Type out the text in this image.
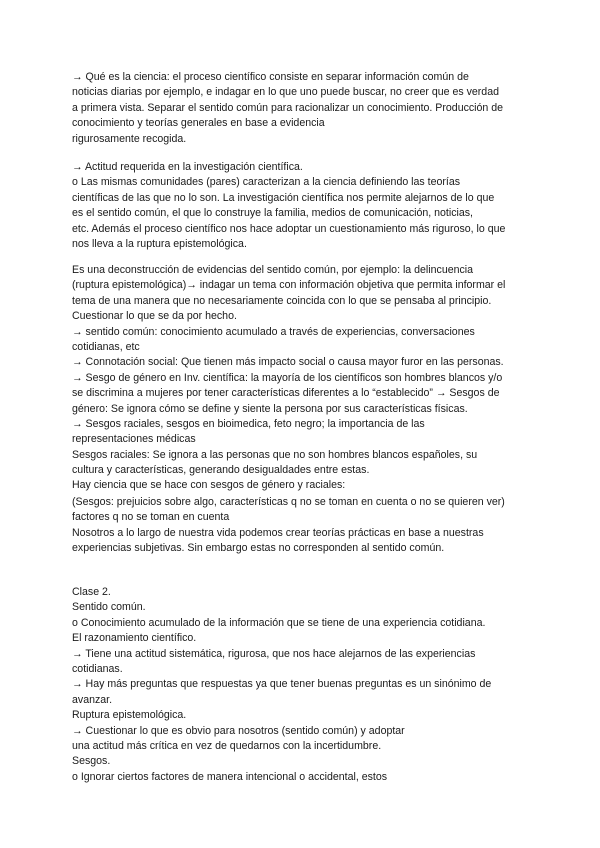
→ Qué es la ciencia: el proceso científico consiste en separar información común de
noticias diarias por ejemplo, e indagar en lo que uno puede buscar, no creer que es verdad
a primera vista. Separar el sentido común para racionalizar un conocimiento. Producción de
conocimiento y teorías generales en base a evidencia
rigurosamente recogida.
→ Actitud requerida en la investigación científica.
o Las mismas comunidades (pares) caracterizan a la ciencia definiendo las teorías
científicas de las que no lo son. La investigación científica nos permite alejarnos de lo que
es el sentido común, el que lo construye la familia, medios de comunicación, noticias,
etc. Además el proceso científico nos hace adoptar un cuestionamiento más riguroso, lo que
nos lleva a la ruptura epistemológica.
Es una deconstrucción de evidencias del sentido común, por ejemplo: la delincuencia
(ruptura epistemológica)→ indagar un tema con información objetiva que permita informar el
tema de una manera que no necesariamente coincida con lo que se pensaba al principio.
Cuestionar lo que se da por hecho.
→ sentido común: conocimiento acumulado a través de experiencias, conversaciones
cotidianas, etc
→ Connotación social: Que tienen más impacto social o causa mayor furor en las personas.
→ Sesgo de género en Inv. científica: la mayoría de los científicos son hombres blancos y/o
se discrimina a mujeres por tener características diferentes a lo “establecido” → Sesgos de
género: Se ignora cómo se define y siente la persona por sus características físicas.
→ Sesgos raciales, sesgos en bioimedica, feto negro; la importancia de las
representaciones médicas
Sesgos raciales: Se ignora a las personas que no son hombres blancos españoles, su
cultura y características, generando desigualdades entre estas.
Hay ciencia que se hace con sesgos de género y raciales:
(Sesgos: prejuicios sobre algo, características q no se toman en cuenta o no se quieren ver)
factores q no se toman en cuenta
Nosotros a lo largo de nuestra vida podemos crear teorías prácticas en base a nuestras
experiencias subjetivas. Sin embargo estas no corresponden al sentido común.
Clase 2.
Sentido común.
o Conocimiento acumulado de la información que se tiene de una experiencia cotidiana.
El razonamiento científico.
→ Tiene una actitud sistemática, rigurosa, que nos hace alejarnos de las experiencias
cotidianas.
→ Hay más preguntas que respuestas ya que tener buenas preguntas es un sinónimo de
avanzar.
Ruptura epistemológica.
→ Cuestionar lo que es obvio para nosotros (sentido común) y adoptar
una actitud más crítica en vez de quedarnos con la incertidumbre.
Sesgos.
o Ignorar ciertos factores de manera intencional o accidental, estos
